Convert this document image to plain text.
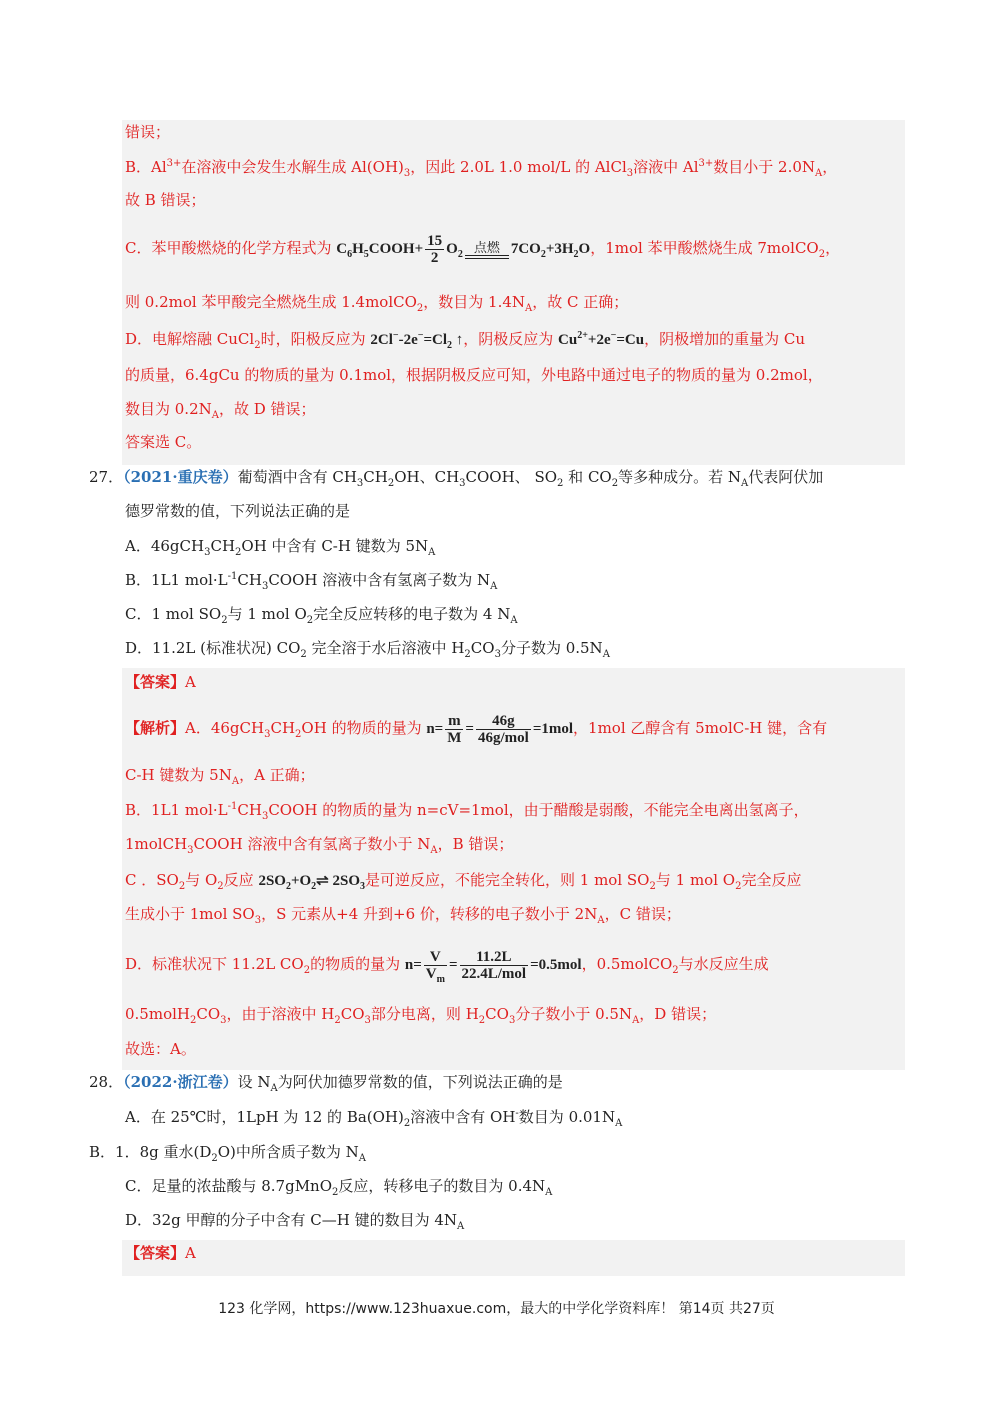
错误；
B．$Al^{3+}$在溶液中会发生水解生成 $Al(OH)_3$，因此 2.0L 1.0 mol/L 的 AlCl$_3$溶液中 $Al^{3+}$数目小于 $2.0N_A$，
故 B 错误；
C．苯甲酸燃烧的化学方程式为 $C_6H_5COOH+ \frac{15}{2} O_2$ 点燃 $7CO_2+3H_2O$，1mol 苯甲酸燃烧生成 7molCO$_2$，
则 0.2mol 苯甲酸完全燃烧生成 1.4molCO$_2$，数目为 $1.4N_A$，故 C 正确；
D．电解熔融 CuCl$_2$时，阳极反应为 $2Cl^--2e^-=Cl_2$ ↑，阴极反应为 $Cu^{2+}+2e^-=Cu$，阴极增加的重量为 Cu
的质量，6.4gCu 的物质的量为 0.1mol，根据阴极反应可知，外电路中通过电子的物质的量为 0.2mol，
数目为 $0.2N_A$，故 D 错误；
答案选 C。
27．（2021·重庆卷）葡萄酒中含有 $CH_3CH_2OH$、$CH_3COOH$、 $SO_2$ 和 $CO_2$等多种成分。若 $N_A$代表阿伏加
德罗常数的值，下列说法正确的是
A．$46gCH_3CH_2OH$ 中含有 C-H 键数为 $5N_A$
B．1L1 $mol\cdot L^{-1}CH_3COOH$ 溶液中含有氢离子数为 $N_A$
C．1 mol $SO_2$与 1 mol $O_2$完全反应转移的电子数为 4 $N_A$
D．11.2L (标准状况) $CO_2$ 完全溶于水后溶液中 $H_2CO_3$分子数为 $0.5N_A$
【答案】A
【解析】A．$46gCH_3CH_2OH$ 的物质的量为 $n= \frac{m}{M} = \frac{46g}{\text{46g/mol}} =1mol$，1mol 乙醇含有 5molC-H 键，含有
C-H 键数为 $5N_A$，A 正确；
B．1L1 $mol\cdot L^{-1}CH_3COOH$ 的物质的量为 n=cV=1mol，由于醋酸是弱酸，不能完全电离出氢离子，
1molCH$_3$COOH 溶液中含有氢离子数小于 $N_A$，B 错误；
C ．$SO_2$与 $O_2$反应 $2SO_2+O_2\rightleftharpoons$ $2SO_3$是可逆反应，不能完全转化，则 1 mol $SO_2$与 1 mol $O_2$完全反应
生成小于 1mol $SO_3$，S 元素从+4 升到+6 价，转移的电子数小于 $2N_A$，C 错误；
D．标准状况下 11.2L $CO_2$的物质的量为 $n= \frac{V}{V_m} = \frac{11.2L}{\text{22.4L/mol}} =0.5mol$，0.5molCO$_2$与水反应生成
$0.5molH_2CO_3$，由于溶液中 $H_2CO_3$部分电离，则 $H_2CO_3$分子数小于 $0.5N_A$，D 错误；
故选：A。
28．（2022·浙江卷）设 $N_A$为阿伏加德罗常数的值，下列说法正确的是
A．在 25℃时，1LpH 为 12 的 $Ba(OH)_2$溶液中含有 OH-数目为 $0.01N_A$
B．1．8g 重水$(D_2O)$中所含质子数为 $N_A$
C．足量的浓盐酸与 8.7gMnO$_2$反应，转移电子的数目为 $0.4N_A$
D．32g 甲醇的分子中含有 C—H 键的数目为 $4N_A$
【答案】A
123 化学网，https://www.123huaxue.com，最大的中学化学资料库！ 第14页 共27页
